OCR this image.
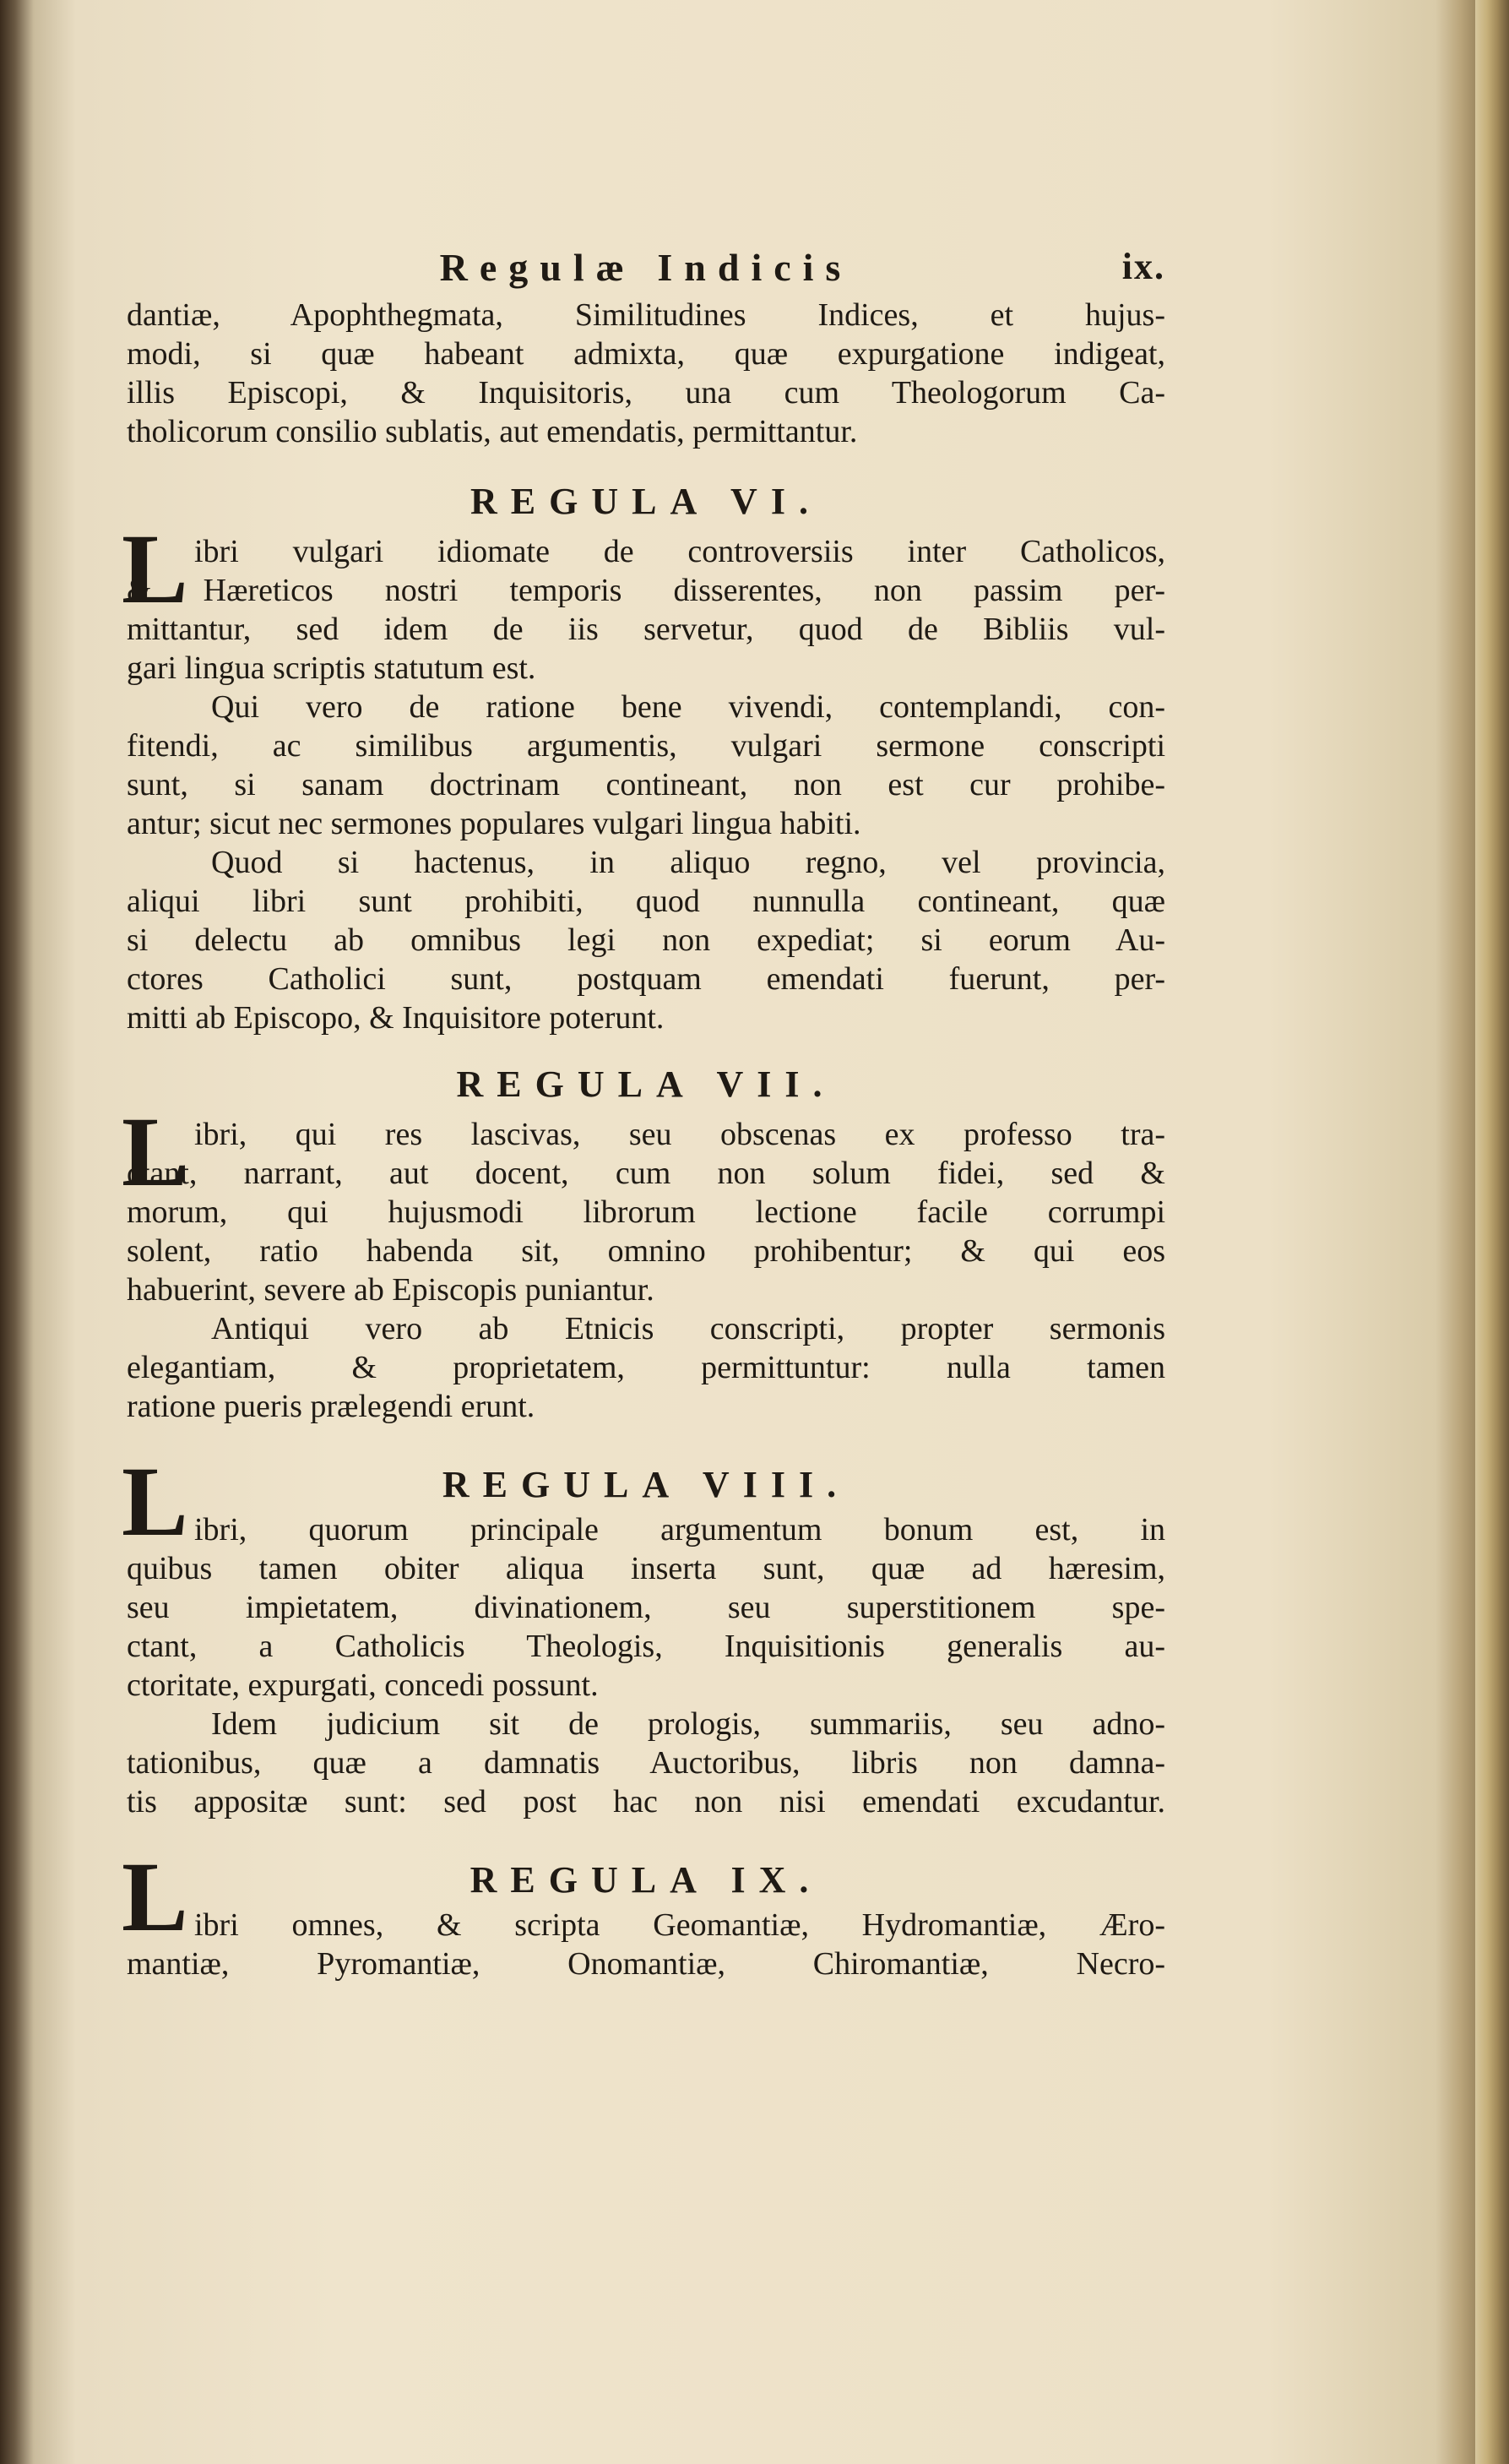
Regulæ Indicis	ix.
dantiæ, Apophthegmata, Similitudines Indices, et hujus-
modi, si quæ habeant admixta, quæ expurgatione indigeat,
illis Episcopi, & Inquisitoris, una cum Theologorum Ca-
tholicorum consilio sublatis, aut emendatis, permittantur.
REGULA VI.
L ibri vulgari idiomate de controversiis inter Catholicos,
& Hæreticos nostri temporis disserentes, non passim per-
mittantur, sed idem de iis servetur, quod de Bibliis vul-
gari lingua scriptis statutum est.
Qui vero de ratione bene vivendi, contemplandi, con-
fitendi, ac similibus argumentis, vulgari sermone conscripti
sunt, si sanam doctrinam contineant, non est cur prohibe-
antur; sicut nec sermones populares vulgari lingua habiti.
Quod si hactenus, in aliquo regno, vel provincia,
aliqui libri sunt prohibiti, quod nunnulla contineant, quæ
si delectu ab omnibus legi non expediat; si eorum Au-
ctores Catholici sunt, postquam emendati fuerunt, per-
mitti ab Episcopo, & Inquisitore poterunt.
REGULA VII.
L ibri, qui res lascivas, seu obscenas ex professo tra-
ctant, narrant, aut docent, cum non solum fidei, sed &
morum, qui hujusmodi librorum lectione facile corrumpi
solent, ratio habenda sit, omnino prohibentur; & qui eos
habuerint, severe ab Episcopis puniantur.
Antiqui vero ab Etnicis conscripti, propter sermonis
elegantiam, & proprietatem, permittuntur: nulla tamen
ratione pueris prælegendi erunt.
L	REGULA VIII.
ibri, quorum principale argumentum bonum est, in
quibus tamen obiter aliqua inserta sunt, quæ ad hæresim,
seu impietatem, divinationem, seu superstitionem spe-
ctant, a Catholicis Theologis, Inquisitionis generalis au-
ctoritate, expurgati, concedi possunt.
Idem judicium sit de prologis, summariis, seu adno-
tationibus, quæ a damnatis Auctoribus, libris non damna-
tis appositæ sunt: sed post hac non nisi emendati excudantur.
L	REGULA IX.
ibri omnes, & scripta Geomantiæ, Hydromantiæ, Æro-
mantiæ, Pyromantiæ, Onomantiæ, Chiromantiæ, Necro-
